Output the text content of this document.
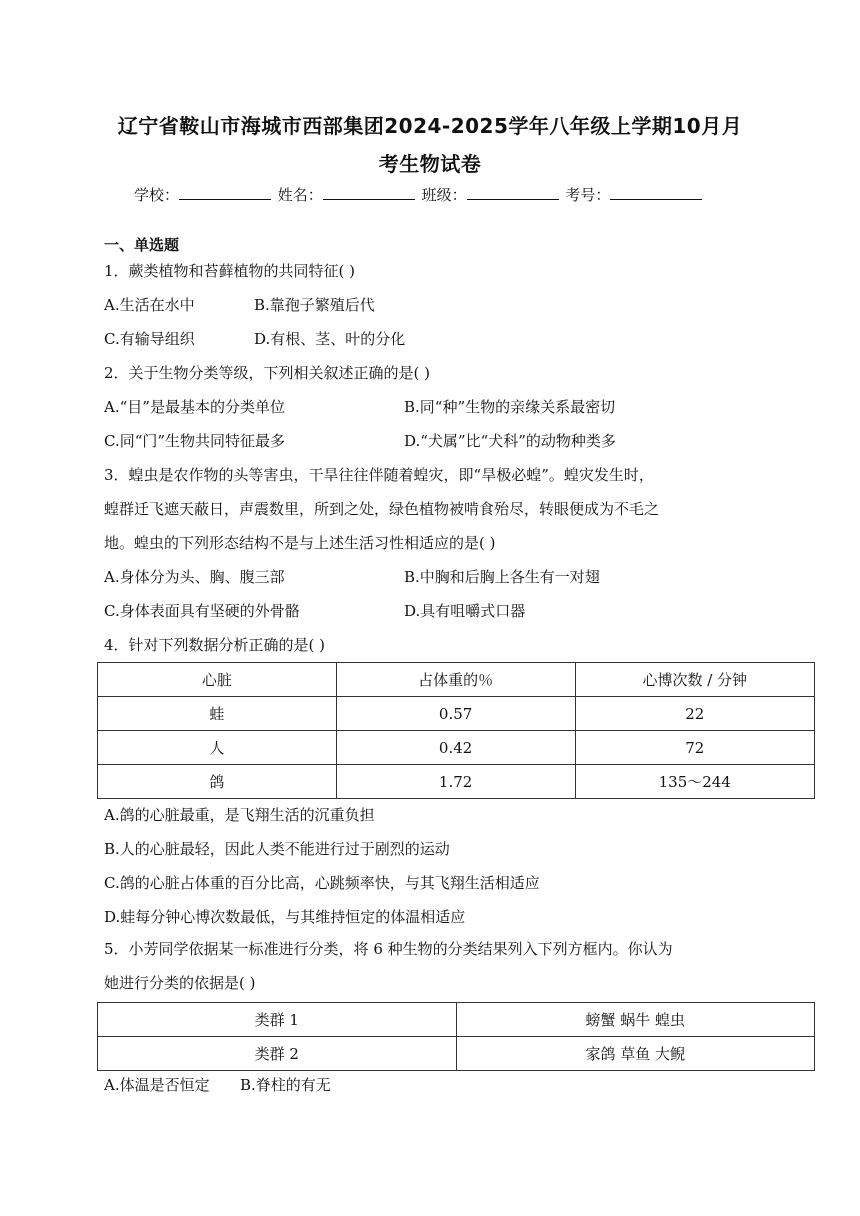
辽宁省鞍山市海城市西部集团2024-2025学年八年级上学期10月月
考生物试卷
学校：	姓名：	班级：	考号：
一、单选题
1．蕨类植物和苔藓植物的共同特征( )
A.生活在水中	B.靠孢子繁殖后代
C.有输导组织	D.有根、茎、叶的分化
2．关于生物分类等级，下列相关叙述正确的是( )
A.“目”是最基本的分类单位	B.同“种”生物的亲缘关系最密切
C.同“门”生物共同特征最多	D.“犬属”比“犬科”的动物种类多
3．蝗虫是农作物的头等害虫，干旱往往伴随着蝗灾，即“旱极必蝗”。蝗灾发生时，
蝗群迁飞遮天蔽日，声震数里，所到之处，绿色植物被啃食殆尽，转眼便成为不毛之
地。蝗虫的下列形态结构不是与上述生活习性相适应的是( )
A.身体分为头、胸、腹三部	B.中胸和后胸上各生有一对翅
C.身体表面具有坚硬的外骨骼	D.具有咀嚼式口器
4．针对下列数据分析正确的是( )
心脏	占体重的％	心博次数 / 分钟
蛙	0.57	22
人	0.42	72
鸽	1.72	135～244
A.鸽的心脏最重，是飞翔生活的沉重负担
B.人的心脏最轻，因此人类不能进行过于剧烈的运动
C.鸽的心脏占体重的百分比高，心跳频率快，与其飞翔生活相适应
D.蛙每分钟心博次数最低，与其维持恒定的体温相适应
5．小芳同学依据某一标准进行分类，将 6 种生物的分类结果列入下列方框内。你认为
她进行分类的依据是( )
类群 1	螃蟹 蜗牛 蝗虫
类群 2	家鸽 草鱼 大鲵
A.体温是否恒定 B.脊柱的有无
